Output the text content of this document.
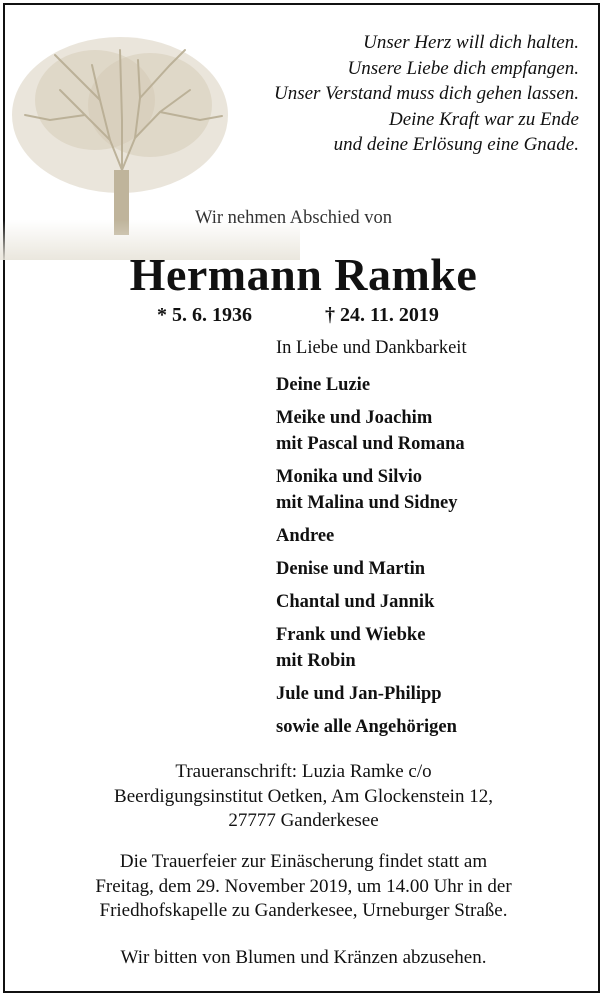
Unser Herz will dich halten.
Unsere Liebe dich empfangen.
Unser Verstand muss dich gehen lassen.
Deine Kraft war zu Ende
und deine Erlösung eine Gnade.
Wir nehmen Abschied von
Hermann Ramke
* 5. 6. 1936	† 24. 11. 2019
In Liebe und Dankbarkeit
Deine Luzie
Meike und Joachim
mit Pascal und Romana
Monika und Silvio
mit Malina und Sidney
Andree
Denise und Martin
Chantal und Jannik
Frank und Wiebke
mit Robin
Jule und Jan-Philipp
sowie alle Angehörigen
Traueranschrift: Luzia Ramke c/o
Beerdigungsinstitut Oetken, Am Glockenstein 12,
27777 Ganderkesee
Die Trauerfeier zur Einäscherung findet statt am
Freitag, dem 29. November 2019, um 14.00 Uhr in der
Friedhofskapelle zu Ganderkesee, Urneburger Straße.
Wir bitten von Blumen und Kränzen abzusehen.
